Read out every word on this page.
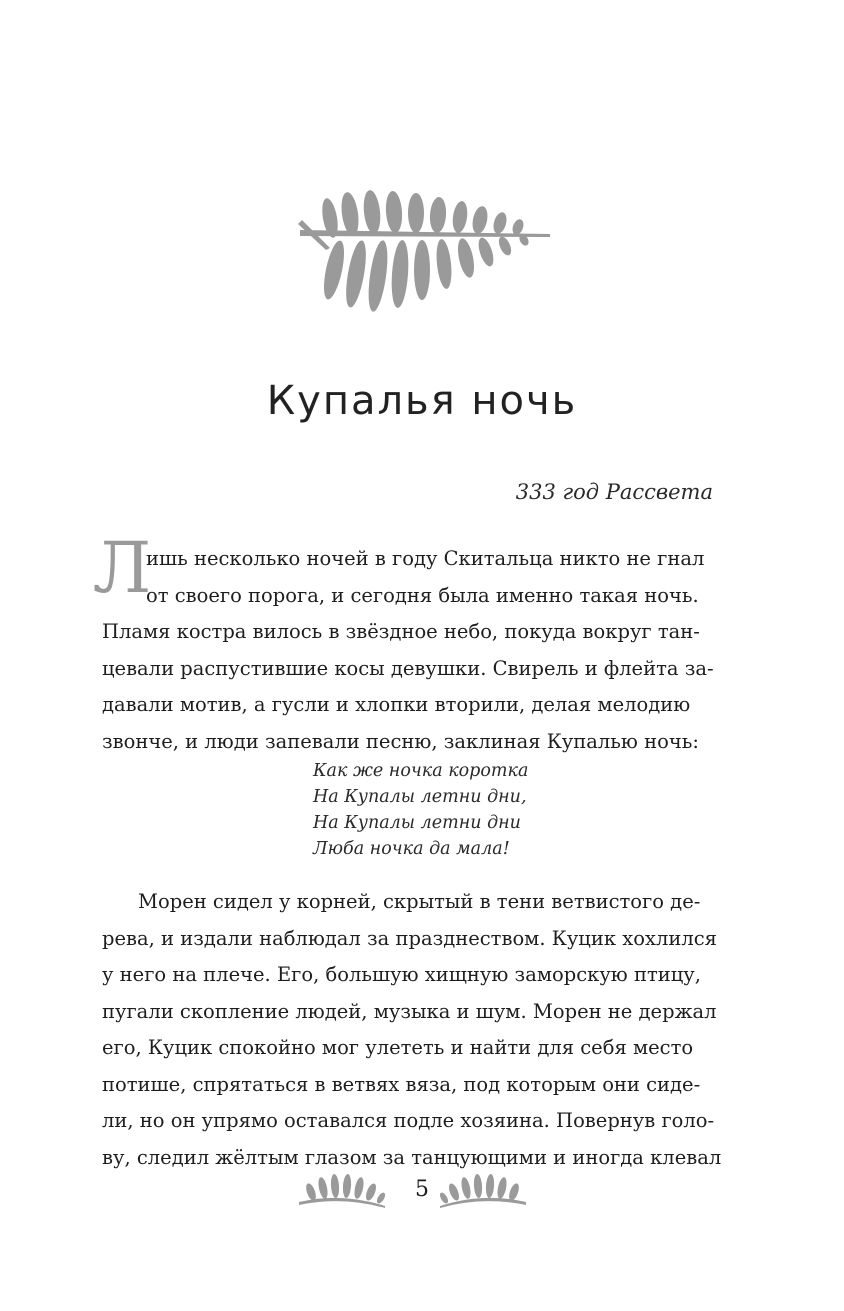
Купалья ночь
333 год Рассвета
Л
ишь несколько ночей в году Скитальца никто не гнал
от своего порога, и сегодня была именно такая ночь.
Пламя костра вилось в звёздное небо, покуда вокруг тан-
цевали распустившие косы девушки. Свирель и флейта за-
давали мотив, а гусли и хлопки вторили, делая мелодию
звонче, и люди запевали песню, заклиная Купалью ночь:
Как же ночка коротка
На Купалы летни дни,
На Купалы летни дни
Люба ночка да мала!
Морен сидел у корней, скрытый в тени ветвистого де-
рева, и издали наблюдал за празднеством. Куцик хохлился
у него на плече. Его, большую хищную заморскую птицу,
пугали скопление людей, музыка и шум. Морен не держал
его, Куцик спокойно мог улететь и найти для себя место
потише, спрятаться в ветвях вяза, под которым они сиде-
ли, но он упрямо оставался подле хозяина. Повернув голо-
ву, следил жёлтым глазом за танцующими и иногда клевал
5
